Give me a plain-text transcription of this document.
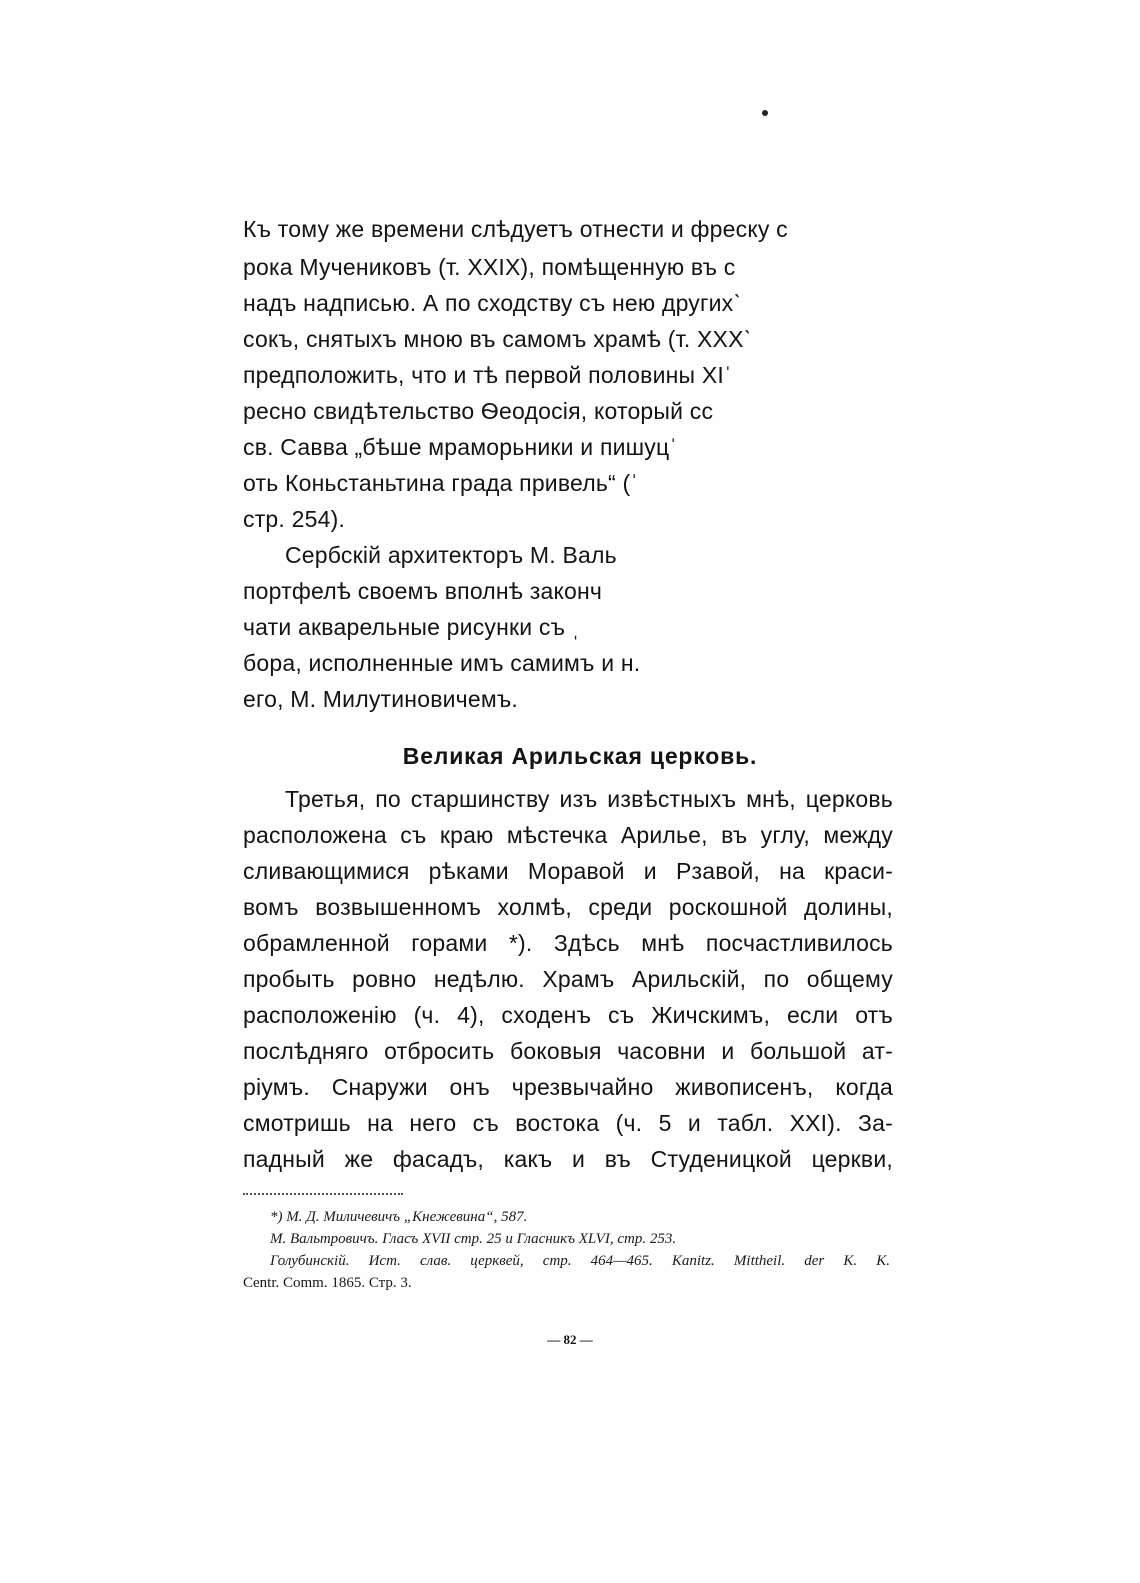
Къ тому же времени слѣдуетъ отнести и фреску с
рока Мучениковъ (т. XXIX), помѣщенную въ с
надъ надписью. А по сходству съ нею другихˋ
сокъ, снятыхъ мною въ самомъ храмѣ (т. XXXˋ
предположить, что и тѣ первой половины XIˈ
ресно свидѣтельство Ѳеодосія, который сс
св. Савва „бѣше мраморьники и пишуцˈ
оть Коньстаньтина града привель“ (ˈ
стр. 254).
Сербскій архитекторъ М. Валь
портфелѣ своемъ вполнѣ законч
чати акварельные рисунки съ ˌ
бора, исполненные имъ самимъ и н.
его, М. Милутиновичемъ.
Великая Арильская церковь.
Третья, по старшинству изъ извѣстныхъ мнѣ, церковь
расположена съ краю мѣстечка Арилье, въ углу, между
сливающимися рѣками Моравой и Рзавой, на краси-
вомъ возвышенномъ холмѣ, среди роскошной долины,
обрамленной горами *). Здѣсь мнѣ посчастливилось
пробыть ровно недѣлю. Храмъ Арильскій, по общему
расположенію (ч. 4), сходенъ съ Жичскимъ, если отъ
послѣдняго отбросить боковыя часовни и большой ат-
ріумъ. Снаружи онъ чрезвычайно живописенъ, когда
смотришь на него съ востока (ч. 5 и табл. XXI). За-
падный же фасадъ, какъ и въ Студеницкой церкви,
*) М. Д. Миличевичъ „Кнежевина“, 587.
М. Вальтровичъ. Гласъ XVII стр. 25 и Гласникъ XLVI, стр. 253.
Голубинскій. Ист. слав. церквей, стр. 464—465. Kanitz. Mittheil. der K. K.
Centr. Comm. 1865. Стр. 3.
— 82 —
